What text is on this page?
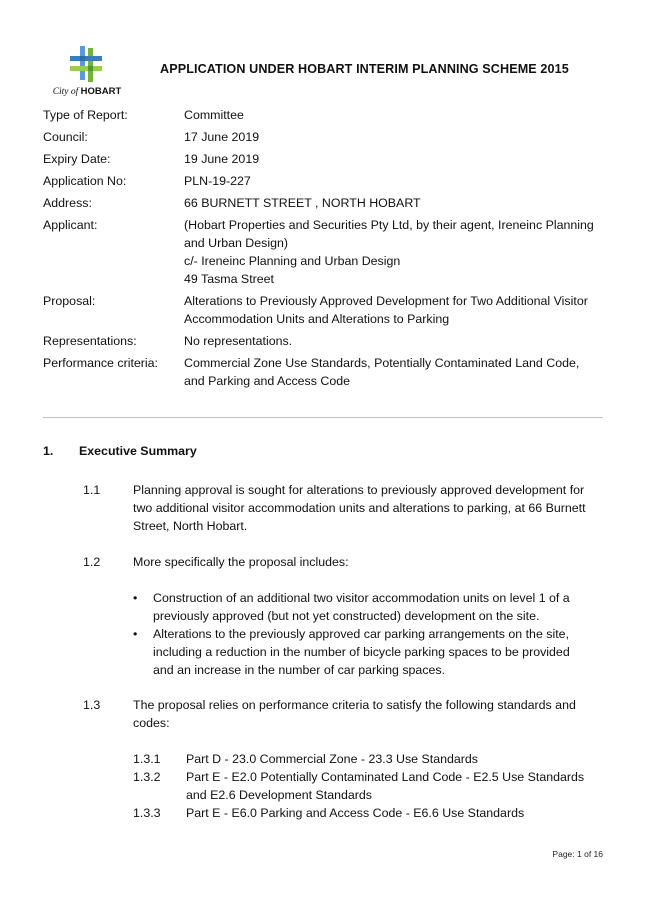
City of HOBART
APPLICATION UNDER HOBART INTERIM PLANNING SCHEME 2015
Type of Report:	Committee
Council:	17 June 2019
Expiry Date:	19 June 2019
Application No:	PLN-19-227
Address:	66 BURNETT STREET , NORTH HOBART
Applicant:	(Hobart Properties and Securities Pty Ltd, by their agent, Ireneinc Planning
and Urban Design)
c/- Ireneinc Planning and Urban Design
49 Tasma Street
Proposal:	Alterations to Previously Approved Development for Two Additional Visitor
Accommodation Units and Alterations to Parking
Representations:	No representations.
Performance criteria:	Commercial Zone Use Standards, Potentially Contaminated Land Code,
and Parking and Access Code
1. Executive Summary
1.1	Planning approval is sought for alterations to previously approved development for
two additional visitor accommodation units and alterations to parking, at 66 Burnett
Street, North Hobart.
1.2	More specifically the proposal includes:
• Construction of an additional two visitor accommodation units on level 1 of a
previously approved (but not yet constructed) development on the site.
• Alterations to the previously approved car parking arrangements on the site,
including a reduction in the number of bicycle parking spaces to be provided
and an increase in the number of car parking spaces.
1.3	The proposal relies on performance criteria to satisfy the following standards and
codes:
1.3.1 Part D - 23.0 Commercial Zone - 23.3 Use Standards
1.3.2 Part E - E2.0 Potentially Contaminated Land Code - E2.5 Use Standards
and E2.6 Development Standards
1.3.3 Part E - E6.0 Parking and Access Code - E6.6 Use Standards
Page: 1 of 16
